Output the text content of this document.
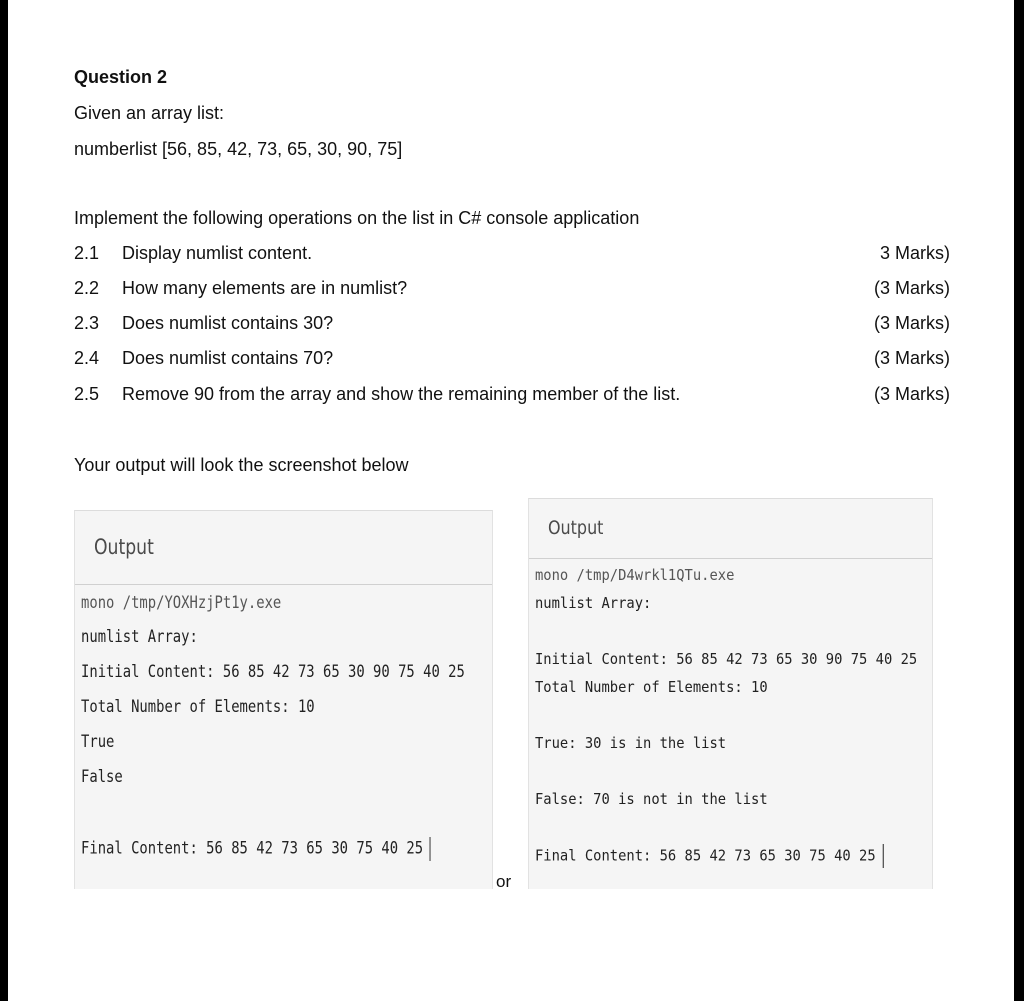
Question 2
Given an array list:
numberlist [56, 85, 42, 73, 65, 30, 90, 75]
Implement the following operations on the list in C# console application
2.1 Display numlist content.	3 Marks)
2.2 How many elements are in numlist?	(3 Marks)
2.3 Does numlist contains 30?	(3 Marks)
2.4 Does numlist contains 70?	(3 Marks)
2.5 Remove 90 from the array and show the remaining member of the list.	(3 Marks)
Your output will look the screenshot below
Output
mono /tmp/YOXHzjPt1y.exe
numlist Array:
Initial Content: 56 85 42 73 65 30 90 75 40 25
Total Number of Elements: 10
True
False
Final Content: 56 85 42 73 65 30 75 40 25
or
Output
mono /tmp/D4wrkl1QTu.exe
numlist Array:
Initial Content: 56 85 42 73 65 30 90 75 40 25
Total Number of Elements: 10
True: 30 is in the list
False: 70 is not in the list
Final Content: 56 85 42 73 65 30 75 40 25
